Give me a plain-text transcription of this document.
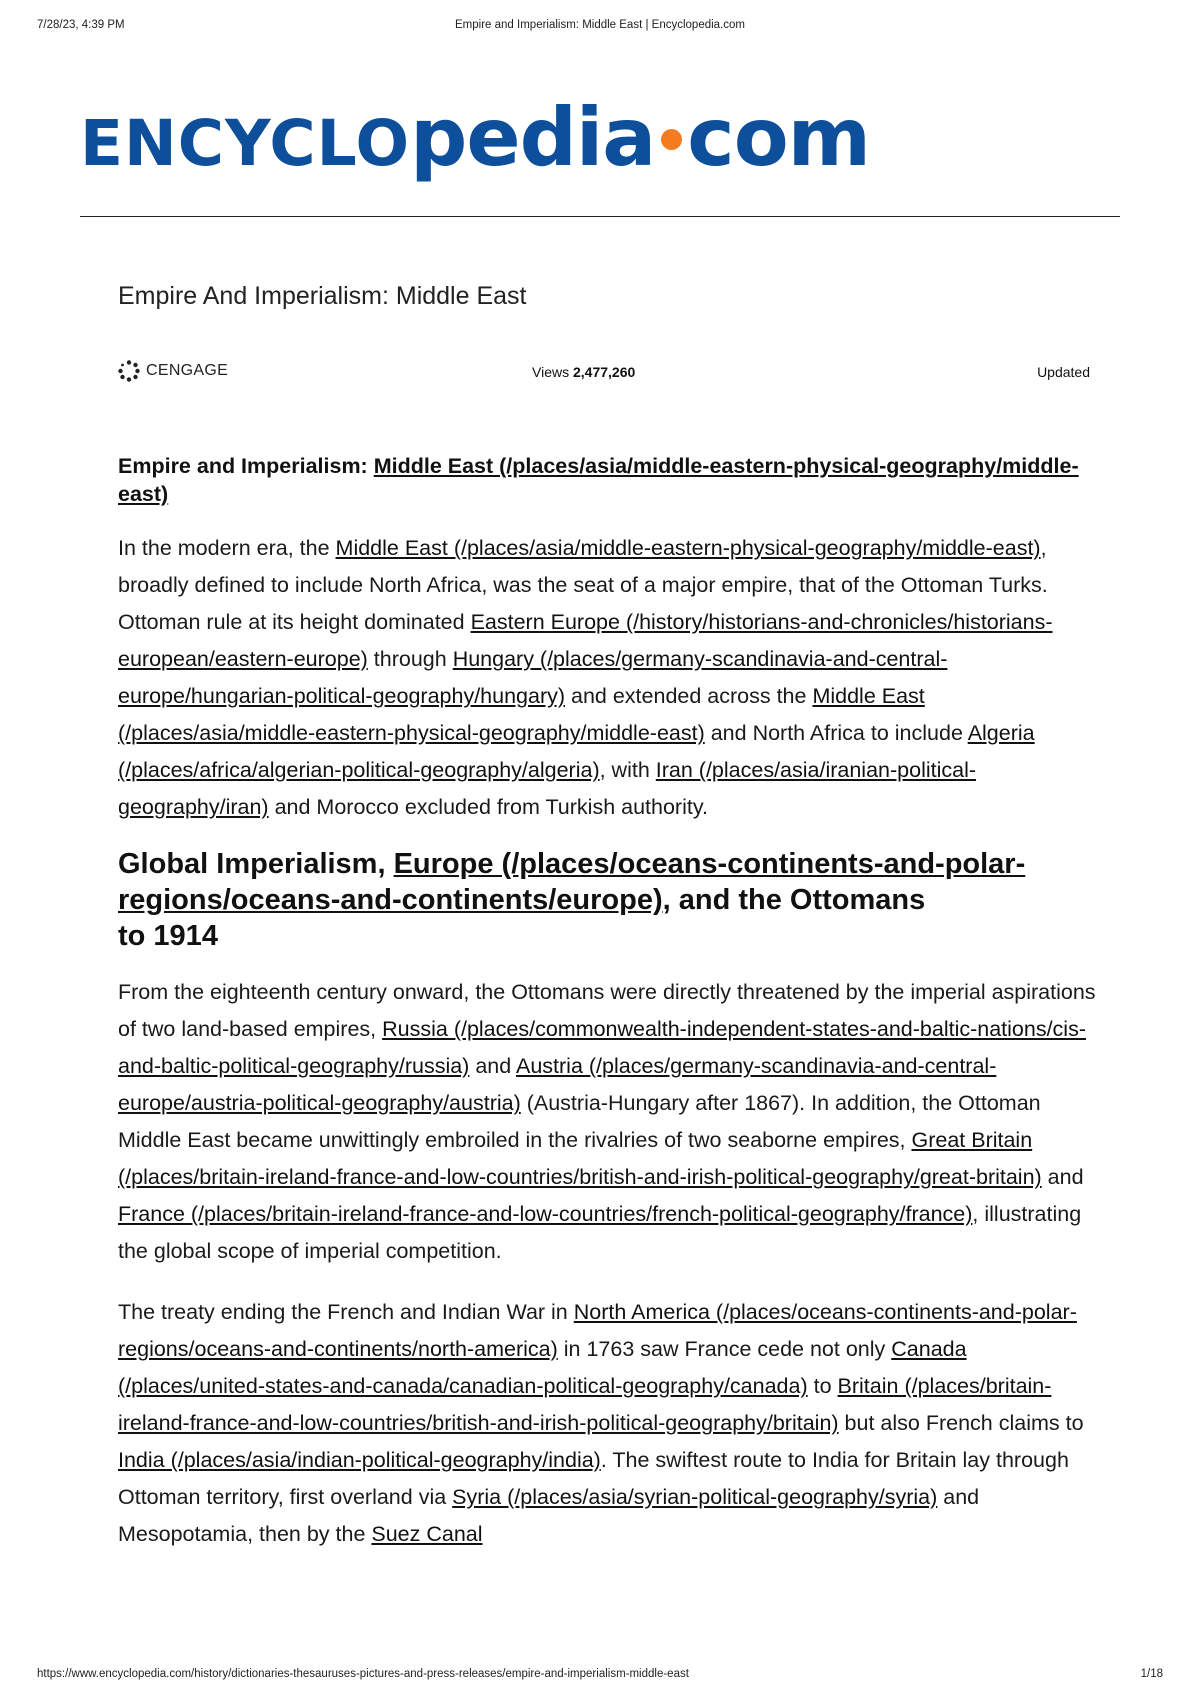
7/28/23, 4:39 PM	Empire and Imperialism: Middle East | Encyclopedia.com
ENCYCLOpedia com
Empire And Imperialism: Middle East
CENGAGE	Views 2,477,260	Updated
Empire and Imperialism: Middle East (/places/asia/middle-eastern-physical-geography/middle-east)

In the modern era, the Middle East (/places/asia/middle-eastern-physical-geography/middle-east), broadly defined to include North Africa, was the seat of a major empire, that of the Ottoman Turks. Ottoman rule at its height dominated Eastern Europe (/history/historians-and-chronicles/historians-european/eastern-europe) through Hungary (/places/germany-scandinavia-and-central-europe/hungarian-political-geography/hungary) and extended across the Middle East (/places/asia/middle-eastern-physical-geography/middle-east) and North Africa to include Algeria (/places/africa/algerian-political-geography/algeria), with Iran (/places/asia/iranian-political-geography/iran) and Morocco excluded from Turkish authority.

Global Imperialism, Europe (/places/oceans-continents-and-polar-regions/oceans-and-continents/europe), and the Ottomans
to 1914

From the eighteenth century onward, the Ottomans were directly threatened by the imperial aspirations of two land-based empires, Russia (/places/commonwealth-independent-states-and-baltic-nations/cis-and-baltic-political-geography/russia) and Austria (/places/germany-scandinavia-and-central-europe/austria-political-geography/austria) (Austria-Hungary after 1867). In addition, the Ottoman Middle East became unwittingly embroiled in the rivalries of two seaborne empires, Great Britain (/places/britain-ireland-france-and-low-countries/british-and-irish-political-geography/great-britain) and France (/places/britain-ireland-france-and-low-countries/french-political-geography/france), illustrating the global scope of imperial competition.

The treaty ending the French and Indian War in North America (/places/oceans-continents-and-polar-regions/oceans-and-continents/north-america) in 1763 saw France cede not only Canada (/places/united-states-and-canada/canadian-political-geography/canada) to Britain (/places/britain-ireland-france-and-low-countries/british-and-irish-political-geography/britain) but also French claims to India (/places/asia/indian-political-geography/india). The swiftest route to India for Britain lay through Ottoman territory, first overland via Syria (/places/asia/syrian-political-geography/syria) and Mesopotamia, then by the Suez Canal

https://www.encyclopedia.com/history/dictionaries-thesauruses-pictures-and-press-releases/empire-and-imperialism-middle-east	1/18
